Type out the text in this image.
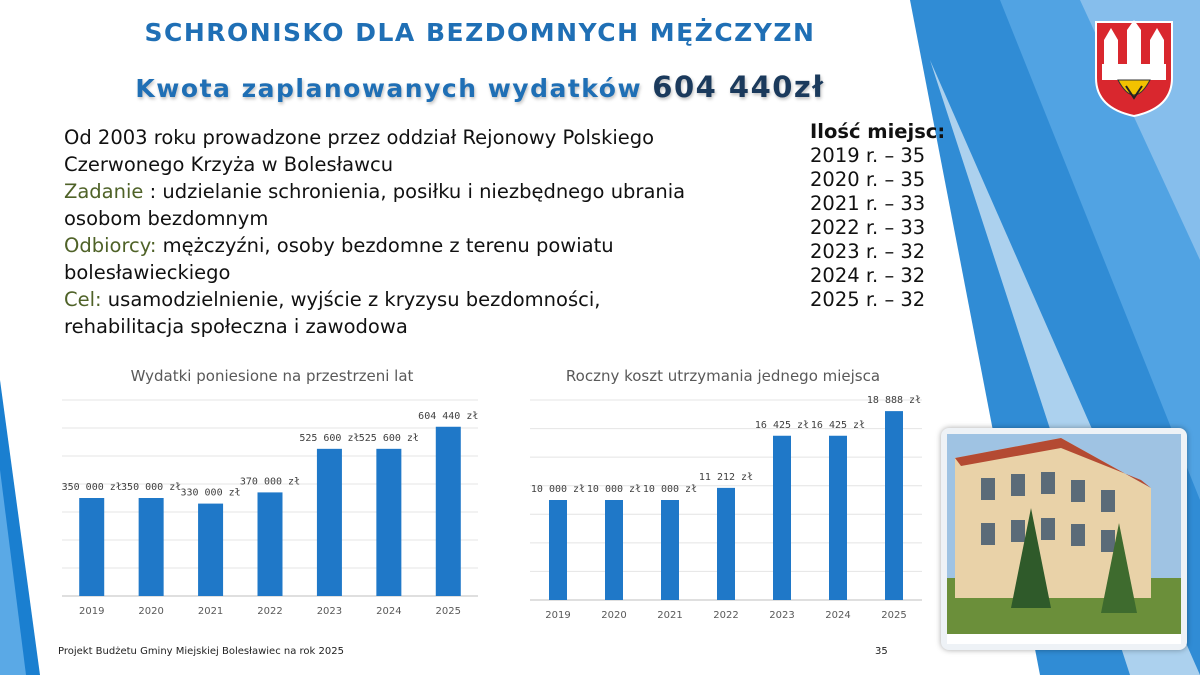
SCHRONISKO DLA BEZDOMNYCH MĘŻCZYZN
Kwota zaplanowanych wydatków 604 440zł

Od 2003 roku prowadzone przez oddział Rejonowy Polskiego

Czerwonego Krzyża w Bolesławcu

Zadanie : udzielanie schronienia, posiłku i niezbędnego ubrania

osobom bezdomnym

Odbiorcy: mężczyźni, osoby bezdomne z terenu powiatu

bolesławieckiego

Cel: usamodzielnienie, wyjście z kryzysu bezdomności,

rehabilitacja społeczna i zawodowa

Ilość miejsc:
2019 r. – 35
2020 r. – 35
2021 r. – 33
2022 r. – 33
2023 r. – 32
2024 r. – 32
2025 r. – 32
Wydatki poniesione na przestrzeni lat	Roczny koszt utrzymania jednego miejsca
350 000 zł
2019
350 000 zł
2020
330 000 zł
2021
370 000 zł
2022
525 600 zł
2023
525 600 zł
2024
604 440 zł
2025
10 000 zł
2019
10 000 zł
2020
10 000 zł
2021
11 212 zł
2022
16 425 zł
2023
16 425 zł
2024
18 888 zł
2025
Projekt Budżetu Gminy Miejskiej Bolesławiec na rok 2025	35
